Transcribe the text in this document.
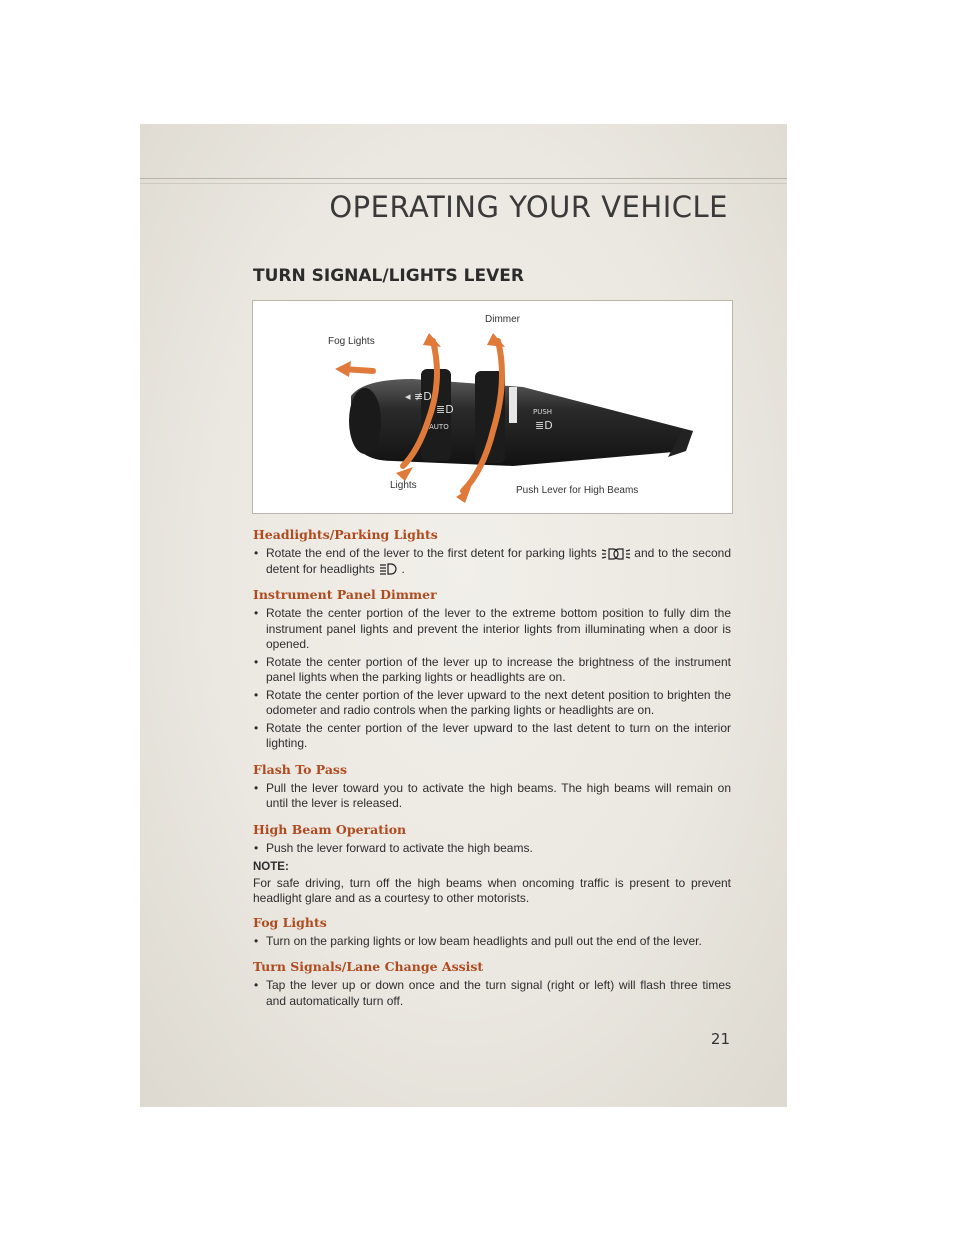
OPERATING YOUR VEHICLE
TURN SIGNAL/LIGHTS LEVER
◂ ≢D
≣D
AUTO
PUSH
≣D
Fog Lights
Dimmer
Lights	Push Lever for High Beams

Headlights/Parking Lights

• Rotate the end of the lever to the first detent for parking lights	and to the second detent for headlights .

Instrument Panel Dimmer

• Rotate the center portion of the lever to the extreme bottom position to fully dim the instrument panel lights and prevent the interior lights from illuminating when a door is opened.
• Rotate the center portion of the lever up to increase the brightness of the instrument panel lights when the parking lights or headlights are on.
• Rotate the center portion of the lever upward to the next detent position to brighten the odometer and radio controls when the parking lights or headlights are on.
• Rotate the center portion of the lever upward to the last detent to turn on the interior lighting.

Flash To Pass

• Pull the lever toward you to activate the high beams. The high beams will remain on until the lever is released.

High Beam Operation

• Push the lever forward to activate the high beams.
NOTE:
For safe driving, turn off the high beams when oncoming traffic is present to prevent headlight glare and as a courtesy to other motorists.

Fog Lights

• Turn on the parking lights or low beam headlights and pull out the end of the lever.

Turn Signals/Lane Change Assist

• Tap the lever up or down once and the turn signal (right or left) will flash three times and automatically turn off.
21
